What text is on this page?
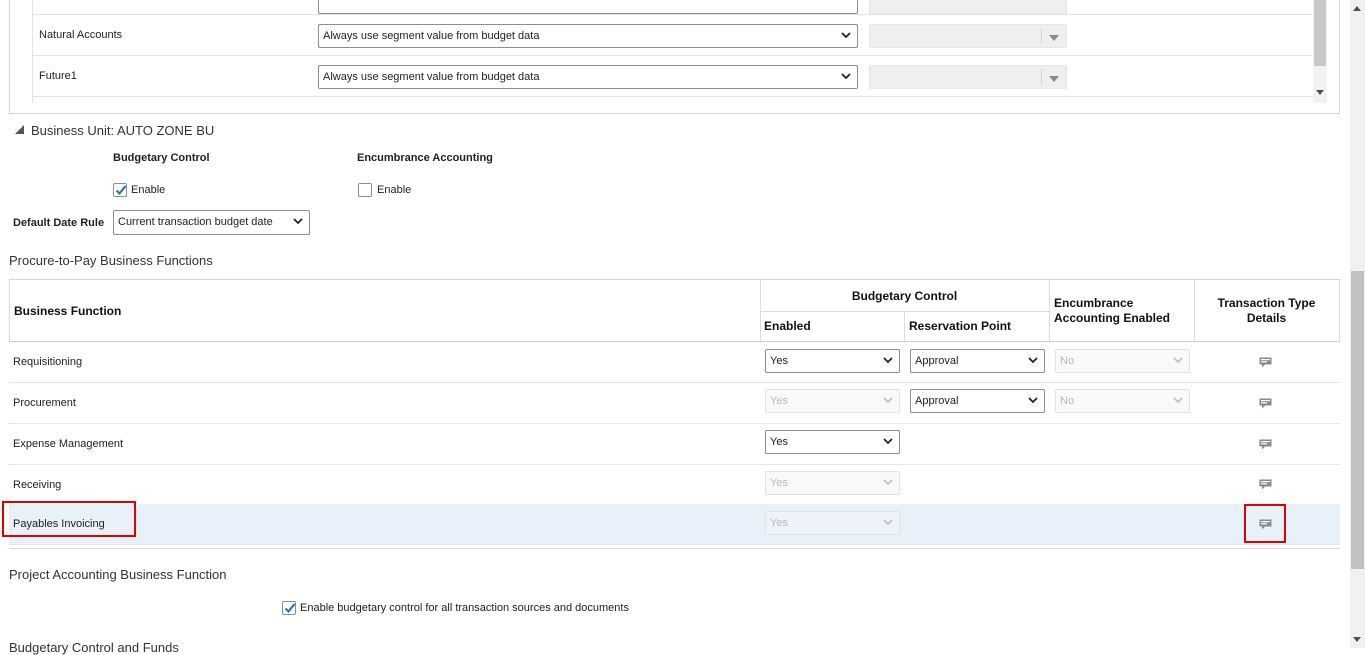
Natural Accounts	Always use segment value from budget data
Future1	Always use segment value from budget data
Business Unit: AUTO ZONE BU
Budgetary Control	Encumbrance Accounting
Enable	Enable
Default Date Rule	Current transaction budget date
Procure-to-Pay Business Functions
Business Function
Budgetary Control
Enabled	Reservation Point
Encumbrance
Accounting Enabled
Transaction Type
Details
Requisitioning	Yes	Approval	No
Procurement	Yes	Approval	No
Expense Management	Yes
Receiving	Yes
Payables Invoicing	Yes
Project Accounting Business Function
Enable budgetary control for all transaction sources and documents
Budgetary Control and Funds
